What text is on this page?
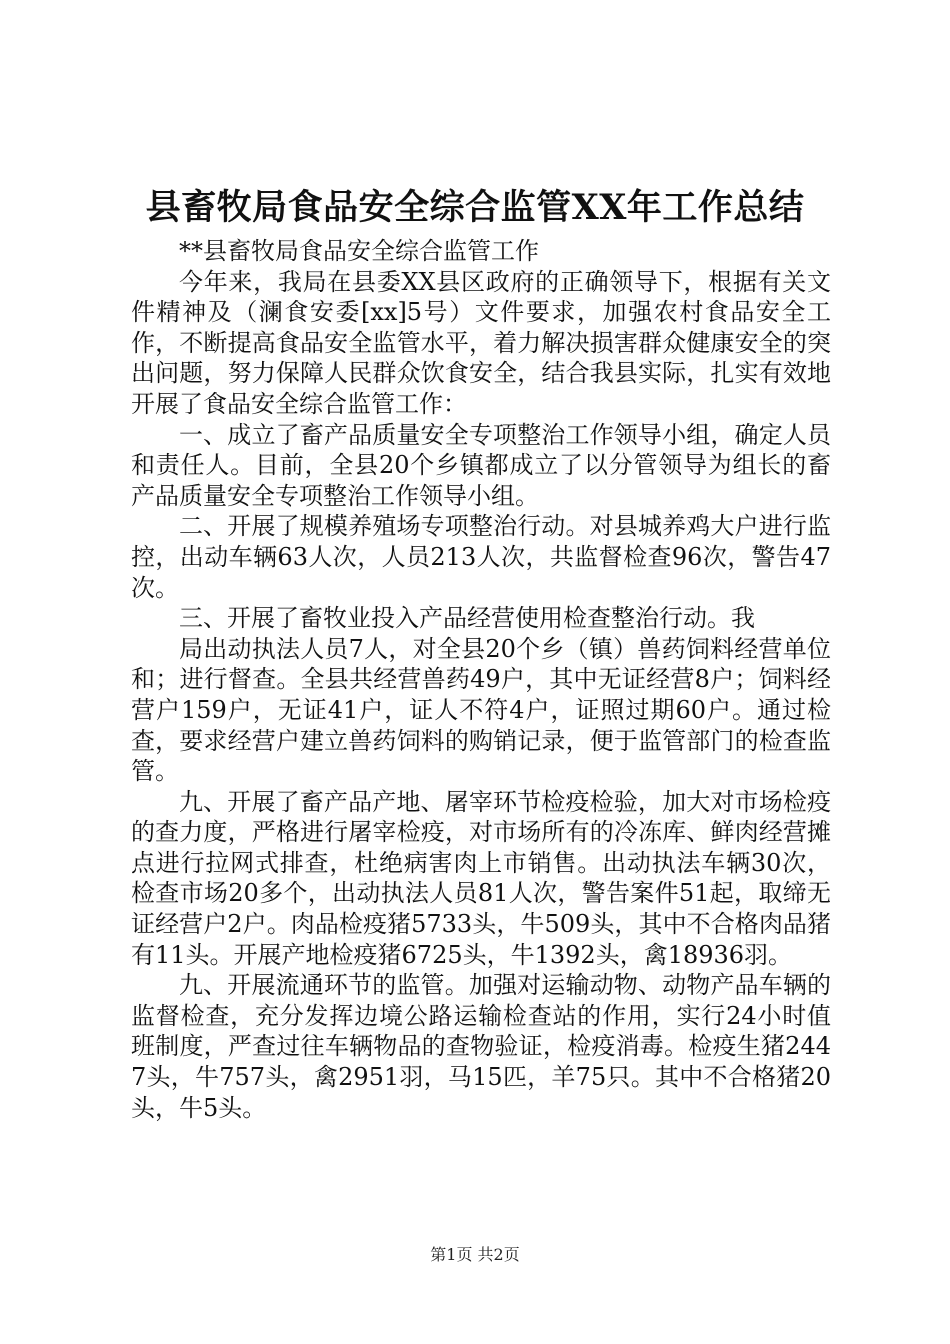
县畜牧局食品安全综合监管XX年工作总结

**县畜牧局食品安全综合监管工作

今年来，我局在县委XX县区政府的正确领导下，根据有关文件精神及（澜食安委[xx]5号）文件要求，加强农村食品安全工作，不断提高食品安全监管水平，着力解决损害群众健康安全的突出问题，努力保障人民群众饮食安全，结合我县实际，扎实有效地开展了食品安全综合监管工作：

一、成立了畜产品质量安全专项整治工作领导小组，确定人员和责任人。目前，全县20个乡镇都成立了以分管领导为组长的畜产品质量安全专项整治工作领导小组。

二、开展了规模养殖场专项整治行动。对县城养鸡大户进行监控，出动车辆63人次，人员213人次，共监督检查96次，警告47次。

三、开展了畜牧业投入产品经营使用检查整治行动。我

局出动执法人员7人，对全县20个乡（镇）兽药饲料经营单位和；进行督查。全县共经营兽药49户，其中无证经营8户；饲料经营户159户，无证41户，证人不符4户，证照过期60户。通过检查，要求经营户建立兽药饲料的购销记录，便于监管部门的检查监管。

九、开展了畜产品产地、屠宰环节检疫检验，加大对市场检疫的查力度，严格进行屠宰检疫，对市场所有的冷冻库、鲜肉经营摊点进行拉网式排查，杜绝病害肉上市销售。出动执法车辆30次，检查市场20多个，出动执法人员81人次，警告案件51起，取缔无证经营户2户。肉品检疫猪5733头，牛509头，其中不合格肉品猪有11头。开展产地检疫猪6725头，牛1392头，禽18936羽。

九、开展流通环节的监管。加强对运输动物、动物产品车辆的监督检查，充分发挥边境公路运输检查站的作用，实行24小时值班制度，严查过往车辆物品的查物验证，检疫消毒。检疫生猪2447头，牛757头，禽2951羽，马15匹，羊75只。其中不合格猪20头，牛5头。

第1页 共2页
